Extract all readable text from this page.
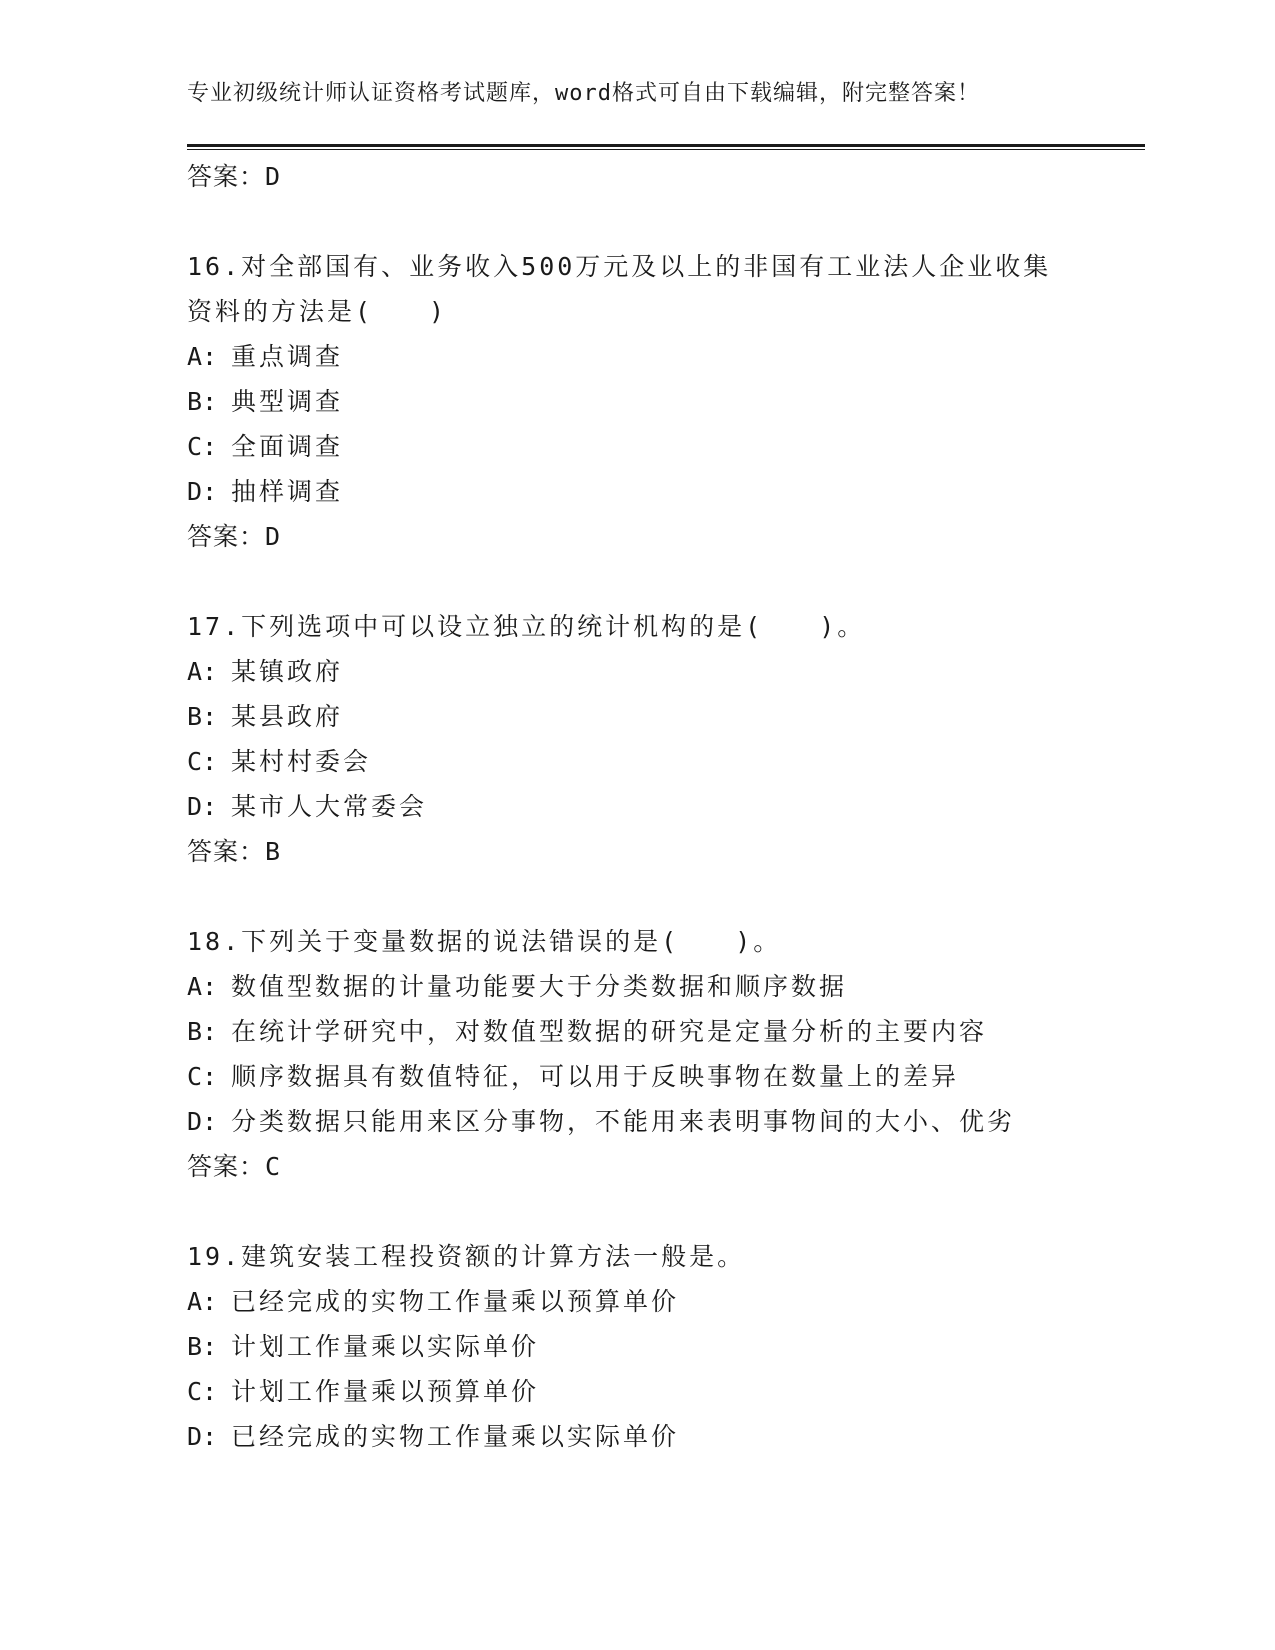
专业初级统计师认证资格考试题库，word格式可自由下载编辑，附完整答案！
答案：D
16.对全部国有、业务收入500万元及以上的非国有工业法人企业收集
资料的方法是(　　)
A: 重点调查
B: 典型调查
C: 全面调查
D: 抽样调查
答案：D
17.下列选项中可以设立独立的统计机构的是(　　)。
A: 某镇政府
B: 某县政府
C: 某村村委会
D: 某市人大常委会
答案：B
18.下列关于变量数据的说法错误的是(　　)。
A: 数值型数据的计量功能要大于分类数据和顺序数据
B: 在统计学研究中，对数值型数据的研究是定量分析的主要内容
C: 顺序数据具有数值特征，可以用于反映事物在数量上的差异
D: 分类数据只能用来区分事物，不能用来表明事物间的大小、优劣
答案：C
19.建筑安装工程投资额的计算方法一般是。
A: 已经完成的实物工作量乘以预算单价
B: 计划工作量乘以实际单价
C: 计划工作量乘以预算单价
D: 已经完成的实物工作量乘以实际单价
